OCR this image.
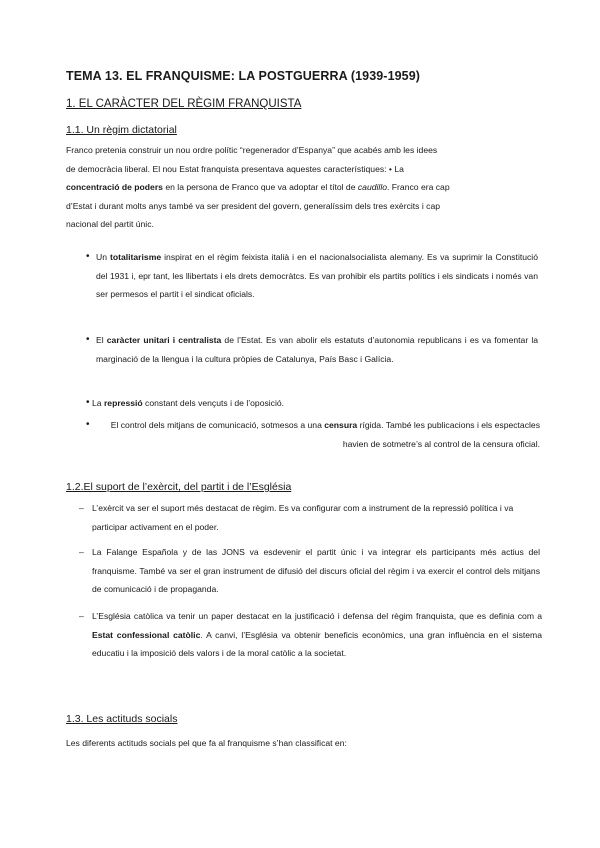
TEMA 13. EL FRANQUISME: LA POSTGUERRA (1939-1959)
1. EL CARÀCTER DEL RÈGIM FRANQUISTA
1.1. Un règim dictatorial

Franco pretenia construir un nou ordre polític “regenerador d’Espanya” que acabés amb les idees

de democràcia liberal. El nou Estat franquista presentava aquestes característiques: • La

concentració de poders en la persona de Franco que va adoptar el títol de caudillo. Franco era cap

d’Estat i durant molts anys també va ser president del govern, generalíssim dels tres exèrcits i cap

nacional del partit únic.

• Un totalitarisme inspirat en el règim feixista italià i en el nacionalsocialista alemany. Es va suprimir la Constitució del 1931 i, epr tant, les llibertats i els drets democràtcs. Es van prohibir els partits polítics i els sindicats i només van ser permesos el partit i el sindicat oficials.
• El caràcter unitari i centralista de l’Estat. Es van abolir els estatuts d’autonomia republicans i es va fomentar la marginació de la llengua i la cultura pròpies de Catalunya, País Basc i Galícia.
• La repressió constant dels vençuts i de l’oposició.
•	El control dels mitjans de comunicació, sotmesos a una censura rígida. També les publicacions i els espectacles havien de sotmetre’s al control de la censura oficial.
1.2.El suport de l’exèrcit, del partit i de l’Església
– L’exèrcit va ser el suport més destacat de règim. Es va configurar com a instrument de la repressió política i va participar activament en el poder.
– La Falange Española y de las JONS va esdevenir el partit únic i va integrar els participants més actius del franquisme. També va ser el gran instrument de difusió del discurs oficial del règim i va exercir el control dels mitjans de comunicació i de propaganda.
– L’Església catòlica va tenir un paper destacat en la justificació i defensa del règim franquista, que es definia com a Estat confessional catòlic. A canvi, l’Església va obtenir beneficis econòmics, una gran influència en el sistema educatiu i la imposició dels valors i de la moral catòlic a la societat.
1.3. Les actituds socials

Les diferents actituds socials pel que fa al franquisme s’han classificat en:
